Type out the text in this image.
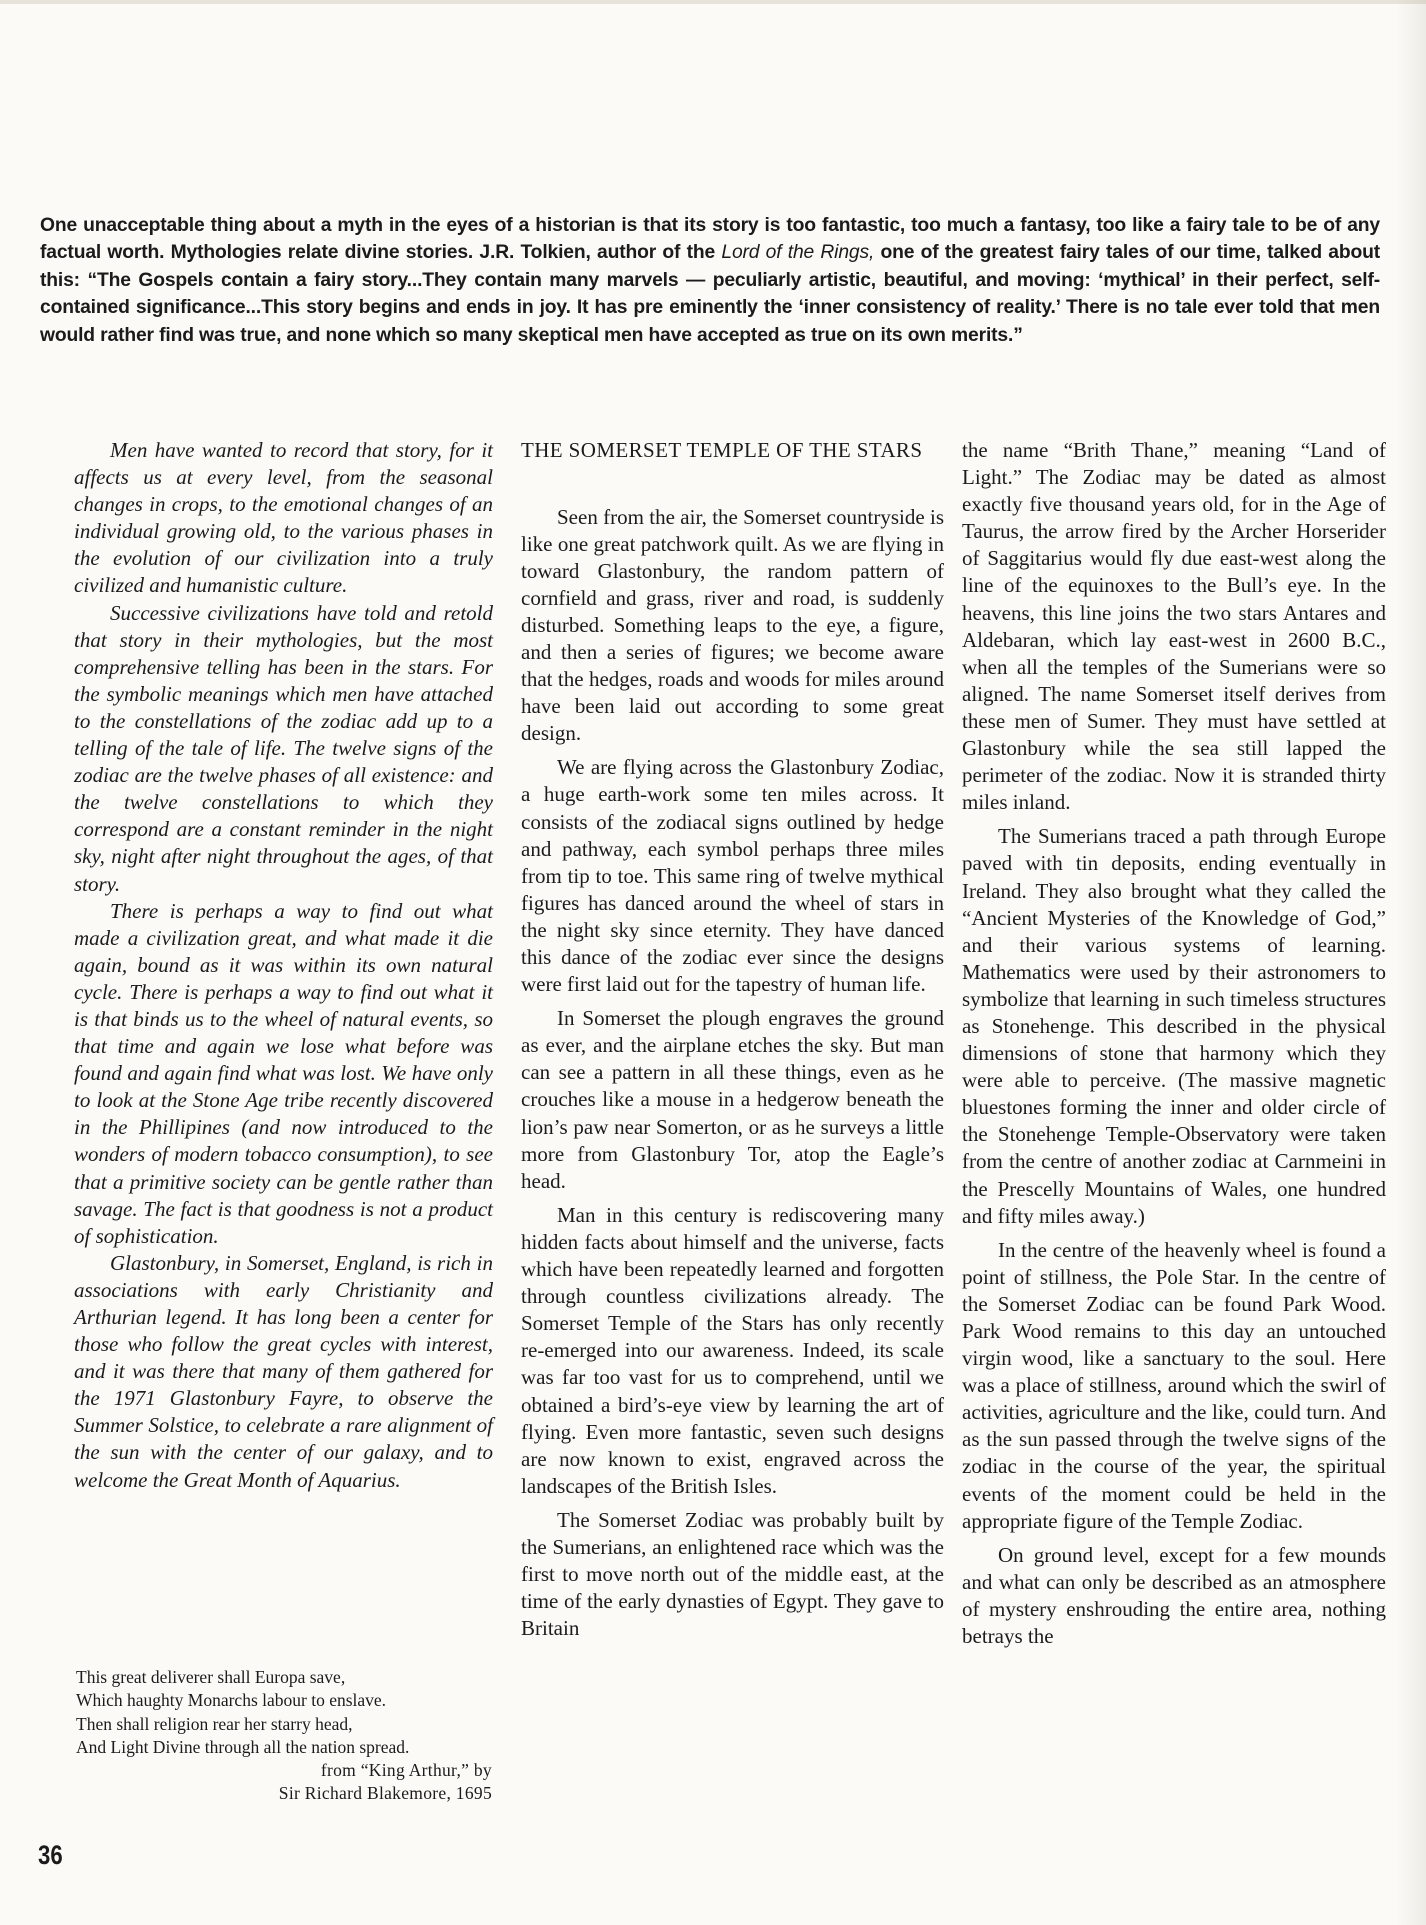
One unacceptable thing about a myth in the eyes of a historian is that its story is too fantastic, too much a fantasy, too like a fairy tale to be of any factual worth. Mythologies relate divine stories. J.R. Tolkien, author of the Lord of the Rings, one of the greatest fairy tales of our time, talked about this: “The Gospels contain a fairy story...They contain many marvels — peculiarly artistic, beautiful, and moving: ‘mythical’ in their perfect, self-contained significance...This story begins and ends in joy. It has pre eminently the ‘inner consistency of reality.’ There is no tale ever told that men would rather find was true, and none which so many skeptical men have accepted as true on its own merits.”

Men have wanted to record that story, for it affects us at every level, from the seasonal changes in crops, to the emotional changes of an individual growing old, to the various phases in the evolution of our civilization into a truly civilized and humanistic culture.

Successive civilizations have told and retold that story in their mythologies, but the most comprehensive telling has been in the stars. For the symbolic meanings which men have attached to the constellations of the zodiac add up to a telling of the tale of life. The twelve signs of the zodiac are the twelve phases of all existence: and the twelve constellations to which they correspond are a constant reminder in the night sky, night after night throughout the ages, of that story.

There is perhaps a way to find out what made a civilization great, and what made it die again, bound as it was within its own natural cycle. There is perhaps a way to find out what it is that binds us to the wheel of natural events, so that time and again we lose what before was found and again find what was lost. We have only to look at the Stone Age tribe recently discovered in the Phillipines (and now introduced to the wonders of modern tobacco consumption), to see that a primitive society can be gentle rather than savage. The fact is that goodness is not a product of sophistication.

Glastonbury, in Somerset, England, is rich in associations with early Christianity and Arthurian legend. It has long been a center for those who follow the great cycles with interest, and it was there that many of them gathered for the 1971 Glastonbury Fayre, to observe the Summer Solstice, to celebrate a rare alignment of the sun with the center of our galaxy, and to welcome the Great Month of Aquarius.

This great deliverer shall Europa save,
Which haughty Monarchs labour to enslave.
Then shall religion rear her starry head,
And Light Divine through all the nation spread.
from “King Arthur,” by
Sir Richard Blakemore, 1695

THE SOMERSET TEMPLE OF THE STARS

Seen from the air, the Somerset countryside is like one great patchwork quilt. As we are flying in toward Glastonbury, the random pattern of cornfield and grass, river and road, is suddenly disturbed. Something leaps to the eye, a figure, and then a series of figures; we become aware that the hedges, roads and woods for miles around have been laid out according to some great design.

We are flying across the Glastonbury Zodiac, a huge earth-work some ten miles across. It consists of the zodiacal signs outlined by hedge and pathway, each symbol perhaps three miles from tip to toe. This same ring of twelve mythical figures has danced around the wheel of stars in the night sky since eternity. They have danced this dance of the zodiac ever since the designs were first laid out for the tapestry of human life.

In Somerset the plough engraves the ground as ever, and the airplane etches the sky. But man can see a pattern in all these things, even as he crouches like a mouse in a hedgerow beneath the lion’s paw near Somerton, or as he surveys a little more from Glastonbury Tor, atop the Eagle’s head.

Man in this century is rediscovering many hidden facts about himself and the universe, facts which have been repeatedly learned and forgotten through countless civilizations already. The Somerset Temple of the Stars has only recently re-emerged into our awareness. Indeed, its scale was far too vast for us to comprehend, until we obtained a bird’s-eye view by learning the art of flying. Even more fantastic, seven such designs are now known to exist, engraved across the landscapes of the British Isles.

The Somerset Zodiac was probably built by the Sumerians, an enlightened race which was the first to move north out of the middle east, at the time of the early dynasties of Egypt. They gave to Britain

the name “Brith Thane,” meaning “Land of Light.” The Zodiac may be dated as almost exactly five thousand years old, for in the Age of Taurus, the arrow fired by the Archer Horserider of Saggitarius would fly due east-west along the line of the equinoxes to the Bull’s eye. In the heavens, this line joins the two stars Antares and Aldebaran, which lay east-west in 2600 B.C., when all the temples of the Sumerians were so aligned. The name Somerset itself derives from these men of Sumer. They must have settled at Glastonbury while the sea still lapped the perimeter of the zodiac. Now it is stranded thirty miles inland.

The Sumerians traced a path through Europe paved with tin deposits, ending eventually in Ireland. They also brought what they called the “Ancient Mysteries of the Knowledge of God,” and their various systems of learning. Mathematics were used by their astronomers to symbolize that learning in such timeless structures as Stonehenge. This described in the physical dimensions of stone that harmony which they were able to perceive. (The massive magnetic bluestones forming the inner and older circle of the Stonehenge Temple-Observatory were taken from the centre of another zodiac at Carnmeini in the Prescelly Mountains of Wales, one hundred and fifty miles away.)

In the centre of the heavenly wheel is found a point of stillness, the Pole Star. In the centre of the Somerset Zodiac can be found Park Wood. Park Wood remains to this day an untouched virgin wood, like a sanctuary to the soul. Here was a place of stillness, around which the swirl of activities, agriculture and the like, could turn. And as the sun passed through the twelve signs of the zodiac in the course of the year, the spiritual events of the moment could be held in the appropriate figure of the Temple Zodiac.

On ground level, except for a few mounds and what can only be described as an atmosphere of mystery enshrouding the entire area, nothing betrays the

36
